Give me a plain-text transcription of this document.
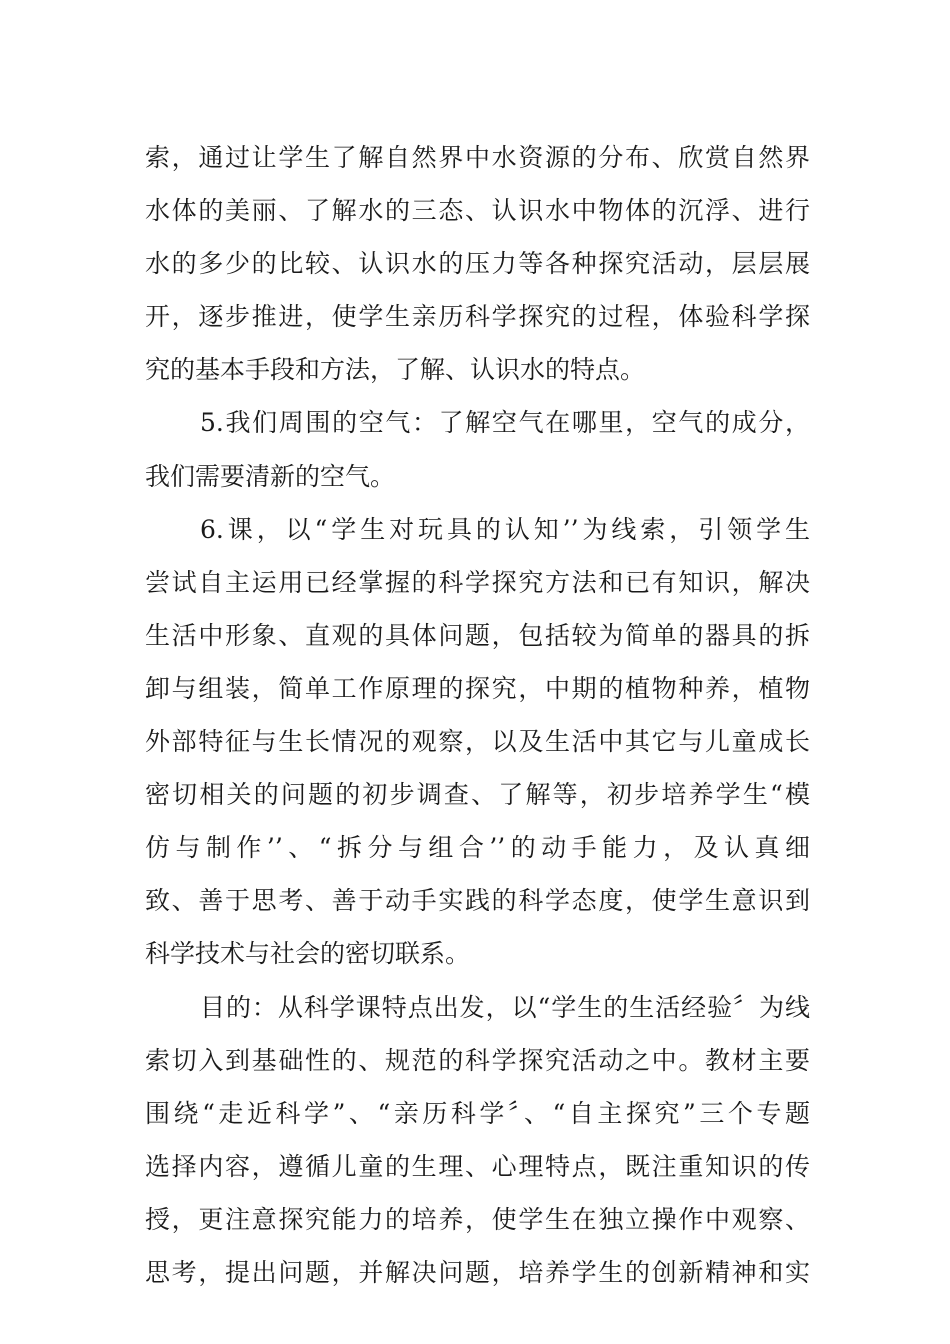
索，通过让学生了解自然界中水资源的分布、欣赏自然界
水体的美丽、了解水的三态、认识水中物体的沉浮、进行
水的多少的比较、认识水的压力等各种探究活动，层层展
开，逐步推进，使学生亲历科学探究的过程，体验科学探
究的基本手段和方法，了解、认识水的特点。
5.我们周围的空气：了解空气在哪里，空气的成分，
我们需要清新的空气。
6.课，以“学生对玩具的认知’’为线索，引领学生
尝试自主运用已经掌握的科学探究方法和已有知识，解决
生活中形象、直观的具体问题，包括较为简单的器具的拆
卸与组装，简单工作原理的探究，中期的植物种养，植物
外部特征与生长情况的观察，以及生活中其它与儿童成长
密切相关的问题的初步调查、了解等，初步培养学生“模
仿与制作’’、“拆分与组合’’的动手能力，及认真细
致、善于思考、善于动手实践的科学态度，使学生意识到
科学技术与社会的密切联系。
目的：从科学课特点出发，以“学生的生活经验〞为线
索切入到基础性的、规范的科学探究活动之中。教材主要
围绕“走近科学”、“亲历科学〞、“自主探究”三个专题
选择内容，遵循儿童的生理、心理特点，既注重知识的传
授，更注意探究能力的培养，使学生在独立操作中观察、
思考，提出问题，并解决问题，培养学生的创新精神和实
